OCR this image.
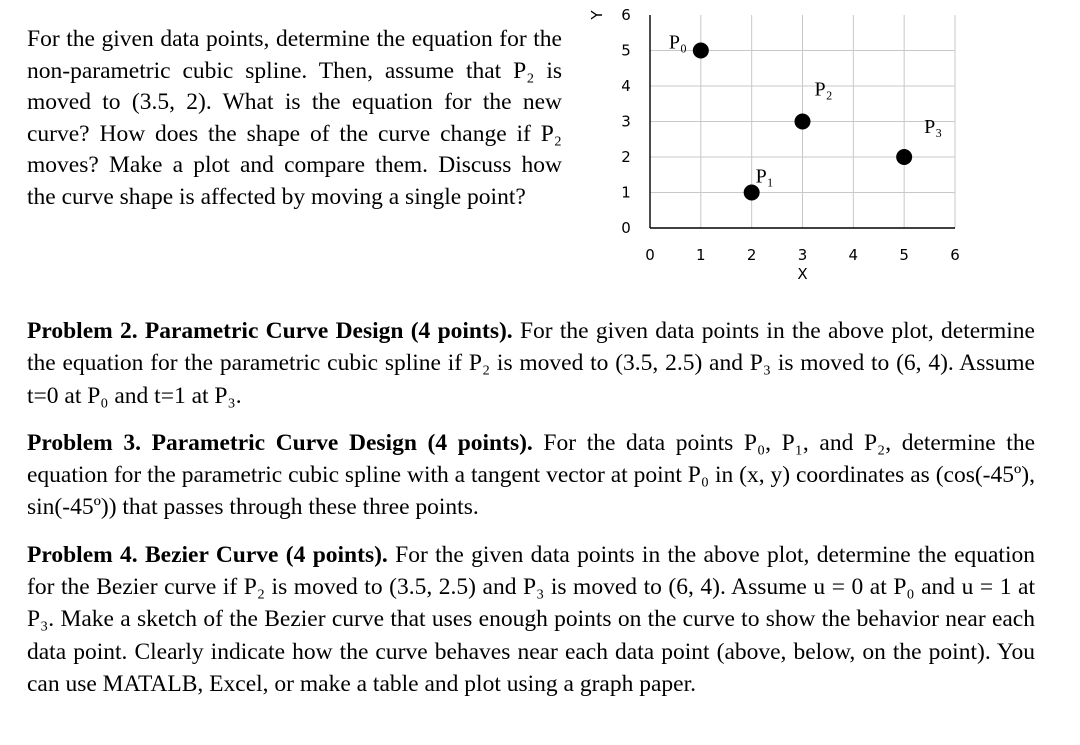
For the given data points, determine the equation for the non-parametric cubic spline. Then, assume that P₂ is moved to (3.5, 2). What is the equation for the new curve? How does the shape of the curve change if P₂ moves? Make a plot and compare them. Discuss how the curve shape is affected by moving a single point?
0
1
2
3
4
5
6
0	1	2	3	4	5	6
X
Y
P₀
P₁
P₂
P₃

Problem 2. Parametric Curve Design (4 points). For the given data points in the above plot, determine the equation for the parametric cubic spline if P₂ is moved to (3.5, 2.5) and P₃ is moved to (6, 4). Assume t=0 at P₀ and t=1 at P₃.

Problem 3. Parametric Curve Design (4 points). For the data points P₀, P₁, and P₂, determine the equation for the parametric cubic spline with a tangent vector at point P₀ in (x, y) coordinates as (cos(-45º), sin(-45º)) that passes through these three points.

Problem 4. Bezier Curve (4 points). For the given data points in the above plot, determine the equation for the Bezier curve if P₂ is moved to (3.5, 2.5) and P₃ is moved to (6, 4). Assume u = 0 at P₀ and u = 1 at P₃. Make a sketch of the Bezier curve that uses enough points on the curve to show the behavior near each data point. Clearly indicate how the curve behaves near each data point (above, below, on the point). You can use MATALB, Excel, or make a table and plot using a graph paper.
